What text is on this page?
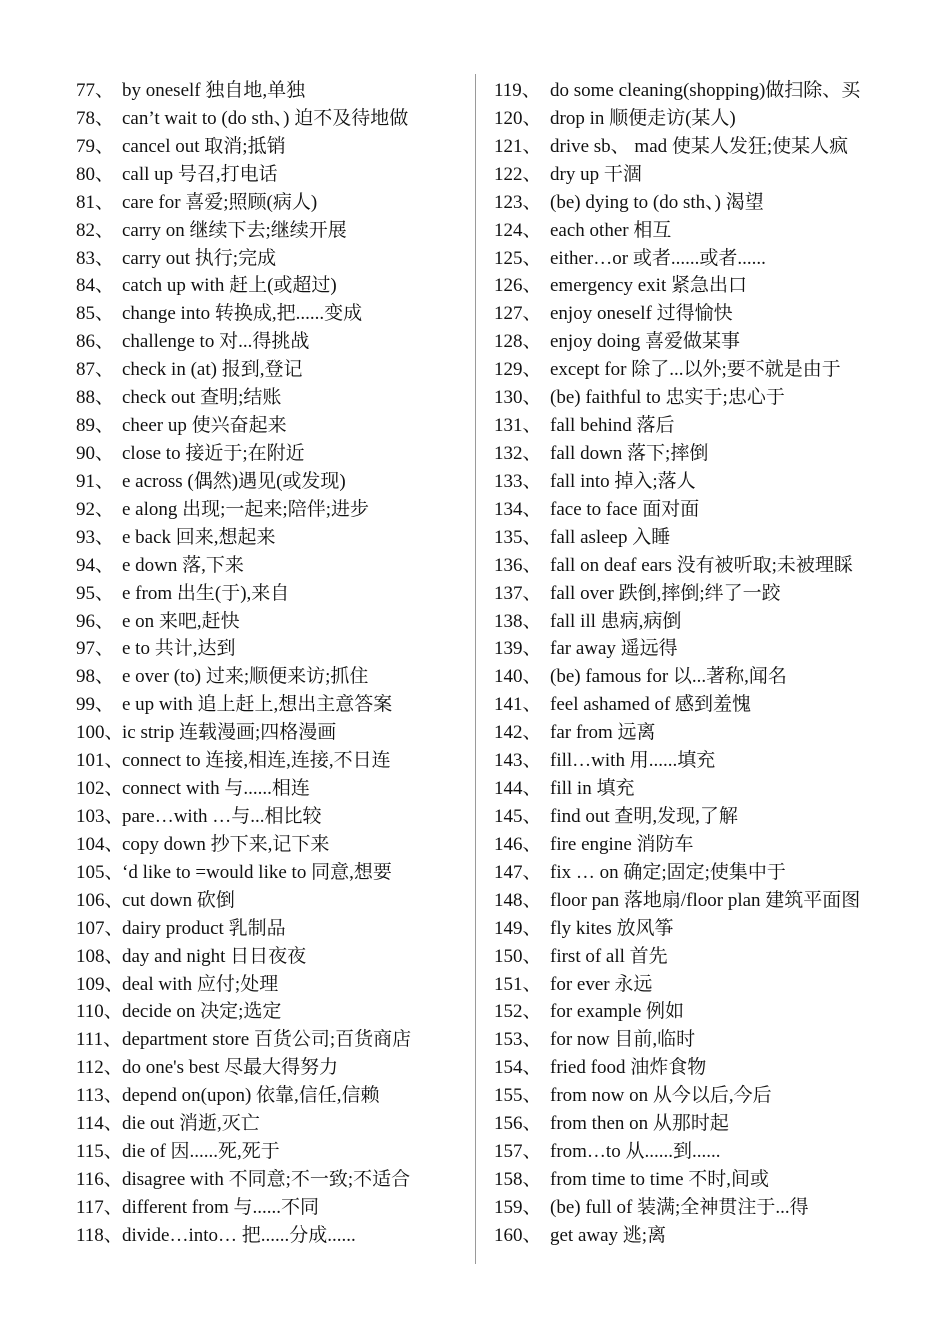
77、 by oneself 独自地,单独
78、 can’t wait to (do sth、) 迫不及待地做
79、 cancel out 取消;抵销
80、 call up 号召,打电话
81、 care for 喜爱;照顾(病人)
82、 carry on 继续下去;继续开展
83、 carry out 执行;完成
84、 catch up with 赶上(或超过)
85、 change into 转换成,把......变成
86、 challenge to 对...得挑战
87、 check in (at) 报到,登记
88、 check out 查明;结账
89、 cheer up 使兴奋起来
90、 close to 接近于;在附近
91、 e across (偶然)遇见(或发现)
92、 e along 出现;一起来;陪伴;进步
93、 e back 回来,想起来
94、 e down 落,下来
95、 e from 出生(于),来自
96、 e on 来吧,赶快
97、 e to 共计,达到
98、 e over (to) 过来;顺便来访;抓住
99、 e up with 追上赶上,想出主意答案
100、ic strip 连载漫画;四格漫画
101、connect to 连接,相连,连接,不日连
102、connect with 与......相连
103、pare…with …与...相比较
104、copy down 抄下来,记下来
105、‘d like to =would like to 同意,想要
106、cut down 砍倒
107、dairy product 乳制品
108、day and night 日日夜夜
109、deal with 应付;处理
110、decide on 决定;选定
111、department store 百货公司;百货商店
112、do one's best 尽最大得努力
113、depend on(upon) 依靠,信任,信赖
114、die out 消逝,灭亡
115、die of 因......死,死于
116、disagree with 不同意;不一致;不适合
117、different from 与......不同
118、divide…into… 把......分成......
119、 do some cleaning(shopping)做扫除、买
120、 drop in 顺便走访(某人)
121、 drive sb、 mad 使某人发狂;使某人疯
122、 dry up 干涸
123、 (be) dying to (do sth、) 渴望
124、 each other 相互
125、 either…or 或者......或者......
126、 emergency exit 紧急出口
127、 enjoy oneself 过得愉快
128、 enjoy doing 喜爱做某事
129、 except for 除了...以外;要不就是由于
130、 (be) faithful to 忠实于;忠心于
131、 fall behind 落后
132、 fall down 落下;摔倒
133、 fall into 掉入;落人
134、 face to face 面对面
135、 fall asleep 入睡
136、 fall on deaf ears 没有被听取;未被理睬
137、 fall over 跌倒,摔倒;绊了一跤
138、 fall ill 患病,病倒
139、 far away 遥远得
140、 (be) famous for 以...著称,闻名
141、 feel ashamed of 感到羞愧
142、 far from 远离
143、 fill…with 用......填充
144、 fill in 填充
145、 find out 查明,发现,了解
146、 fire engine 消防车
147、 fix … on 确定;固定;使集中于
148、 floor pan 落地扇/floor plan 建筑平面图
149、 fly kites 放风筝
150、 first of all 首先
151、 for ever 永远
152、 for example 例如
153、 for now 目前,临时
154、 fried food 油炸食物
155、 from now on 从今以后,今后
156、 from then on 从那时起
157、 from…to 从......到......
158、 from time to time 不时,间或
159、 (be) full of 装满;全神贯注于...得
160、 get away 逃;离
